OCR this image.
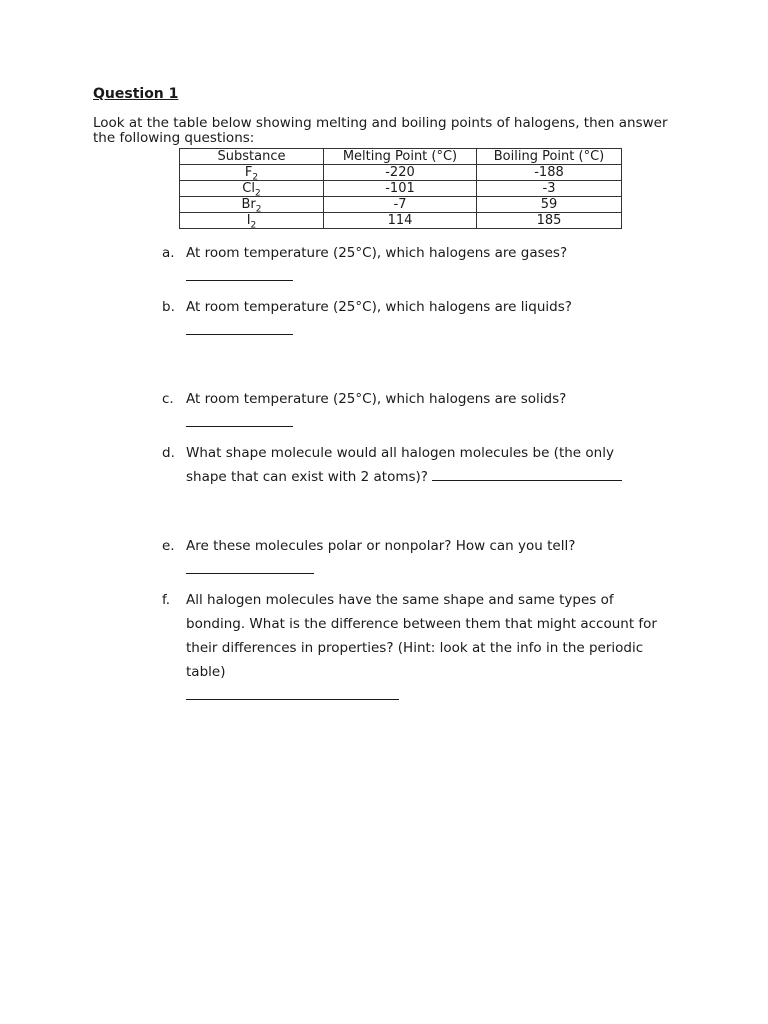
Question 1
Look at the table below showing melting and boiling points of halogens, then answer the following questions:
Substance	Melting Point (°C)	Boiling Point (°C)
$F_2$	-220	-188
$Cl_2$	-101	-3
$Br_2$	-7	59
$I_2$	114	185
a. At room temperature (25°C), which halogens are gases?

b. At room temperature (25°C), which halogens are liquids?

c. At room temperature (25°C), which halogens are solids?

d. What shape molecule would all halogen molecules be (the only shape that can exist with 2 atoms)?
e. Are these molecules polar or nonpolar? How can you tell?

f. All halogen molecules have the same shape and same types of bonding. What is the difference between them that might account for their differences in properties? (Hint: look at the info in the periodic table)
